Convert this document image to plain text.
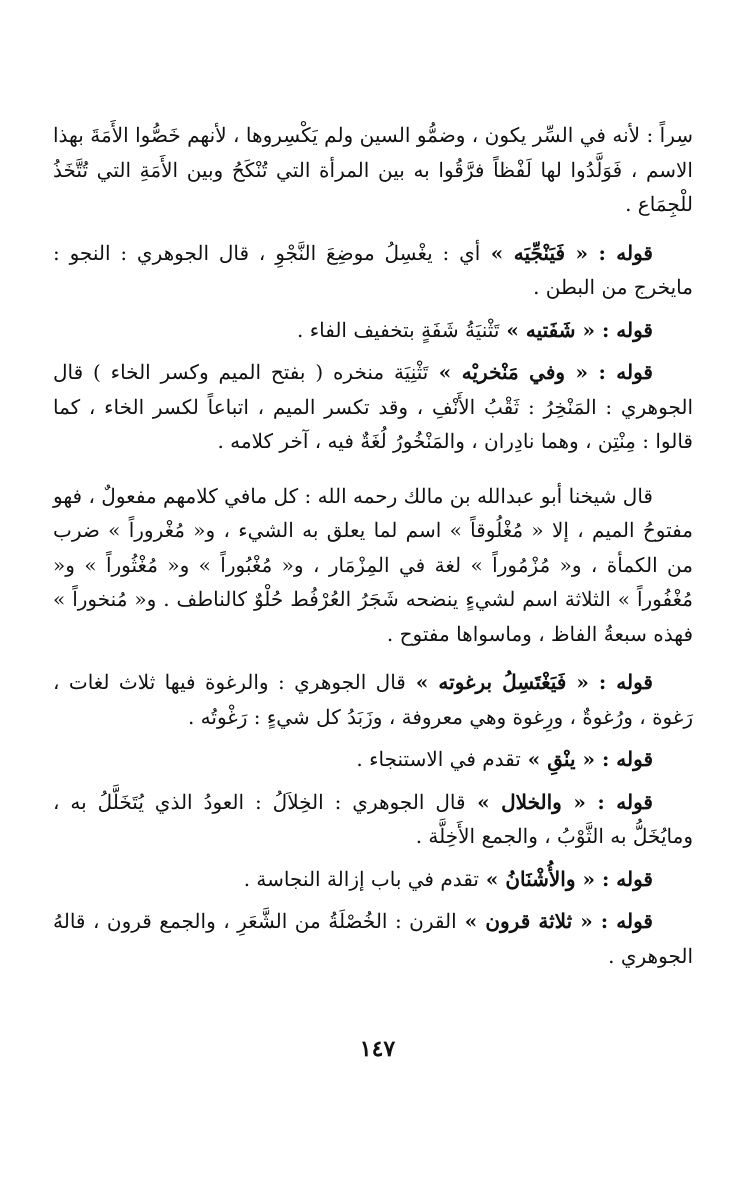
سِراً : لأنه في السِّر يكون ، وضمُّو السين ولم يَكْسِروها ، لأنهم خَصُّوا الأَمَةَ بهذا الاسم ، فَوَلَّدُوا لها لَفْظاً فرَّقُوا به بين المرأة التي تُنْكَحُ وبين الأَمَةِ التي تُتَّخَذُ للْجِمَاع .

قوله : « فَيَنْجِّيَه » أي : يغْسِلُ موضِعَ النَّجْوِ ، قال الجوهري : النجو : مايخرج من البطن .

قوله : « شَفَتيه » تَثْنيَةُ شَفَةٍ بتخفيف الفاء .

قوله : « وفي مَنْخريْه » تَثْنِيَة منخره ( بفتح الميم وكسر الخاء ) قال الجوهري : المَنْخِرُ : ثَقْبُ الأَنْفِ ، وقد تكسر الميم ، اتباعاً لكسر الخاء ، كما قالوا : مِنْتِن ، وهما نادِران ، والمَنْخُورُ لُغَةٌ فيه ، آخر كلامه .

قال شيخنا أبو عبدالله بن مالك رحمه الله : كل مافي كلامهم مفعولٌ ، فهو مفتوحُ الميم ، إلا « مُغْلُوقاً » اسم لما يعلق به الشيء ، و« مُغْروراً » ضرب من الكمأة ، و« مُزْمُوراً » لغة في المِزْمَار ، و« مُغْبُوراً » و« مُغْثُوراً » و« مُغْفُوراً » الثلاثة اسم لشيءٍ ينضحه شَجَرُ العُرْفُط حُلْوٌ كالناطف . و« مُنخوراً » فهذه سبعةُ الفاظ ، وماسواها مفتوح .

قوله : « فَيَغْتَسِلُ برغوته » قال الجوهري : والرغوة فيها ثلاث لغات ، رَغوة ، ورُغوةٌ ، ورِغوة وهي معروفة ، وزَبَدُ كل شيءٍ : رَغْوتُه .

قوله : « ينْقِ » تقدم في الاستنجاء .

قوله : « والخلال » قال الجوهري : الخِلاَلُ : العودُ الذي يُتَخَلَّلُ به ، ومايُخَلُّ به الثَّوْبُ ، والجمع الأَخِلَّة .

قوله : « والأُشْنَانُ » تقدم في باب إزالة النجاسة .

قوله : « ثلاثة قرون » القرن : الخُصْلَةُ من الشَّعَرِ ، والجمع قرون ، قالهُ الجوهري .

١٤٧
